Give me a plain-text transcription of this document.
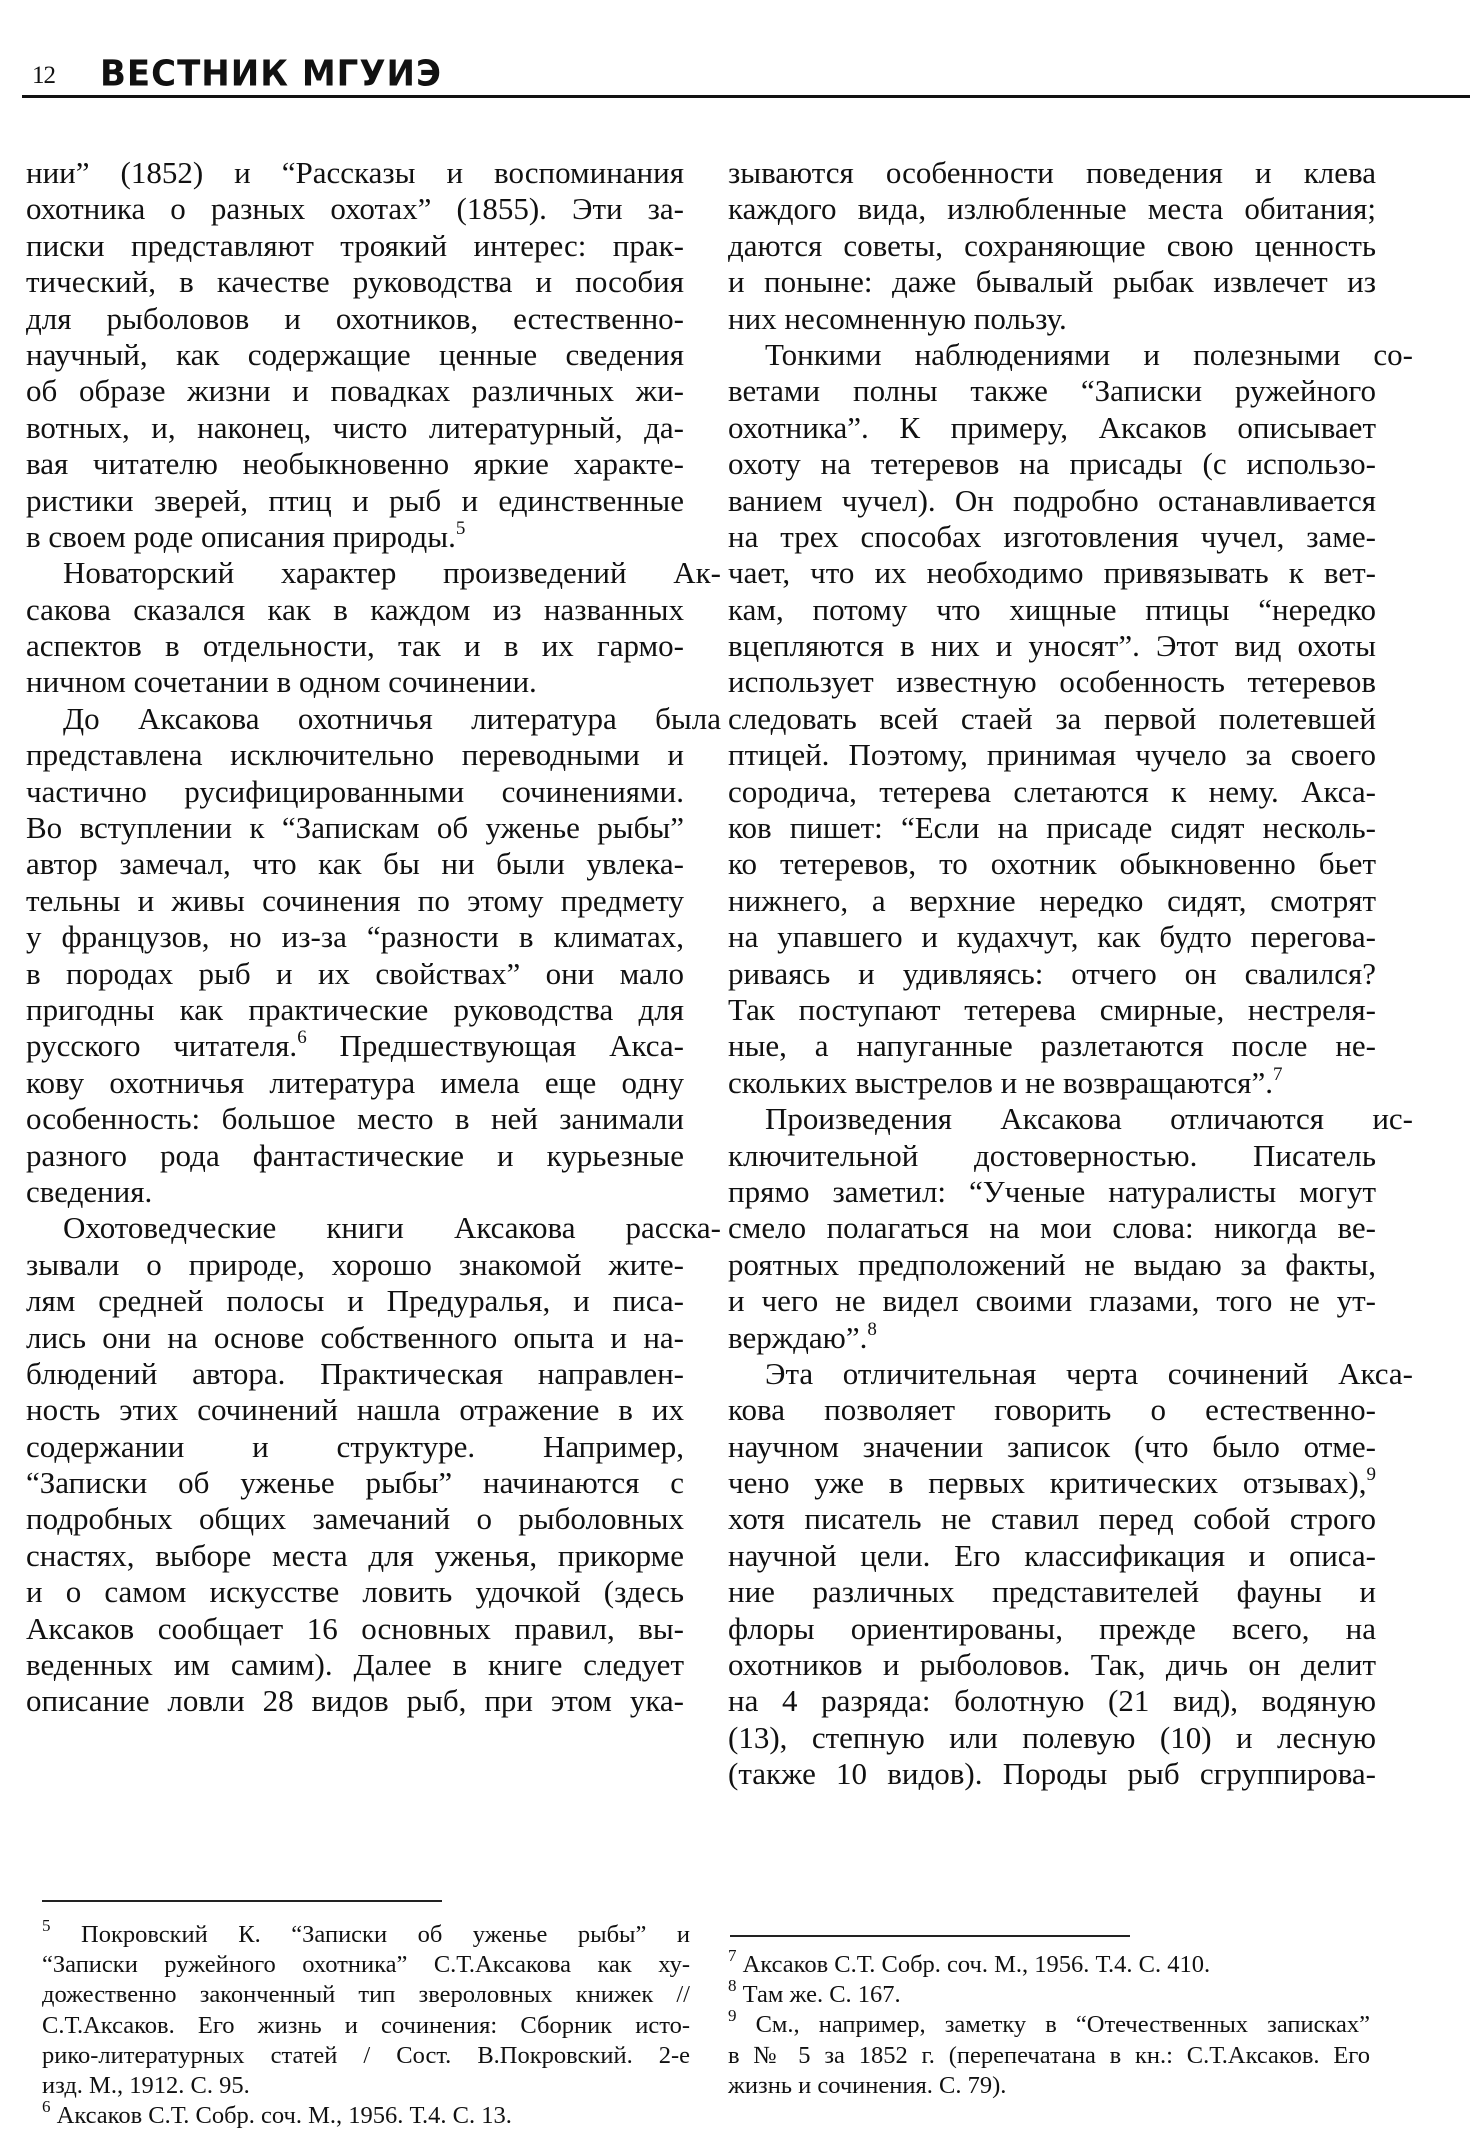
12 ВЕСТНИК МГУИЭ
нии” (1852) и “Рассказы и воспоминания
охотника о разных охотах” (1855). Эти за-
писки представляют троякий интерес: прак-
тический, в качестве руководства и пособия
для рыболовов и охотников, естественно-
научный, как содержащие ценные сведения
об образе жизни и повадках различных жи-
вотных, и, наконец, чисто литературный, да-
вая читателю необыкновенно яркие характе-
ристики зверей, птиц и рыб и единственные
в своем роде описания природы.$^5$
Новаторский характер произведений Ак-
сакова сказался как в каждом из названных
аспектов в отдельности, так и в их гармо-
ничном сочетании в одном сочинении.
До Аксакова охотничья литература была
представлена исключительно переводными и
частично русифицированными сочинениями.
Во вступлении к “Запискам об уженье рыбы”
автор замечал, что как бы ни были увлека-
тельны и живы сочинения по этому предмету
у французов, но из-за “разности в климатах,
в породах рыб и их свойствах” они мало
пригодны как практические руководства для
русского читателя.$^6$ Предшествующая Акса-
кову охотничья литература имела еще одну
особенность: большое место в ней занимали
разного рода фантастические и курьезные
сведения.
Охотоведческие книги Аксакова расска-
зывали о природе, хорошо знакомой жите-
лям средней полосы и Предуралья, и писа-
лись они на основе собственного опыта и на-
блюдений автора. Практическая направлен-
ность этих сочинений нашла отражение в их
содержании и структуре. Например,
“Записки об уженье рыбы” начинаются с
подробных общих замечаний о рыболовных
снастях, выборе места для уженья, прикорме
и о самом искусстве ловить удочкой (здесь
Аксаков сообщает 16 основных правил, вы-
веденных им самим). Далее в книге следует
описание ловли 28 видов рыб, при этом ука-
зываются особенности поведения и клева
каждого вида, излюбленные места обитания;
даются советы, сохраняющие свою ценность
и поныне: даже бывалый рыбак извлечет из
них несомненную пользу.
Тонкими наблюдениями и полезными со-
ветами полны также “Записки ружейного
охотника”. К примеру, Аксаков описывает
охоту на тетеревов на присады (с использо-
ванием чучел). Он подробно останавливается
на трех способах изготовления чучел, заме-
чает, что их необходимо привязывать к вет-
кам, потому что хищные птицы “нередко
вцепляются в них и уносят”. Этот вид охоты
использует известную особенность тетеревов
следовать всей стаей за первой полетевшей
птицей. Поэтому, принимая чучело за своего
сородича, тетерева слетаются к нему. Акса-
ков пишет: “Если на присаде сидят несколь-
ко тетеревов, то охотник обыкновенно бьет
нижнего, а верхние нередко сидят, смотрят
на упавшего и кудахчут, как будто перегова-
риваясь и удивляясь: отчего он свалился?
Так поступают тетерева смирные, нестреля-
ные, а напуганные разлетаются после не-
скольких выстрелов и не возвращаются”.$^7$
Произведения Аксакова отличаются ис-
ключительной достоверностью. Писатель
прямо заметил: “Ученые натуралисты могут
смело полагаться на мои слова: никогда ве-
роятных предположений не выдаю за факты,
и чего не видел своими глазами, того не ут-
верждаю”.$^8$
Эта отличительная черта сочинений Акса-
кова позволяет говорить о естественно-
научном значении записок (что было отме-
чено уже в первых критических отзывах),$^9$
хотя писатель не ставил перед собой строго
научной цели. Его классификация и описа-
ние различных представителей фауны и
флоры ориентированы, прежде всего, на
охотников и рыболовов. Так, дичь он делит
на 4 разряда: болотную (21 вид), водяную
(13), степную или полевую (10) и лесную
(также 10 видов). Породы рыб сгруппирова-
$^5$ Покровский К. “Записки об уженье рыбы” и
“Записки ружейного охотника” С.Т.Аксакова как ху-
дожественно законченный тип звероловных книжек //
С.Т.Аксаков. Его жизнь и сочинения: Сборник исто-
рико-литературных статей / Сост. В.Покровский. 2-е
изд. М., 1912. С. 95.
$^6$ Аксаков С.Т. Собр. соч. М., 1956. Т.4. С. 13.
$^7$ Аксаков С.Т. Собр. соч. М., 1956. Т.4. С. 410.
$^8$ Там же. С. 167.
$^9$ См., например, заметку в “Отечественных записках”
в № 5 за 1852 г. (перепечатана в кн.: С.Т.Аксаков. Его
жизнь и сочинения. С. 79).
